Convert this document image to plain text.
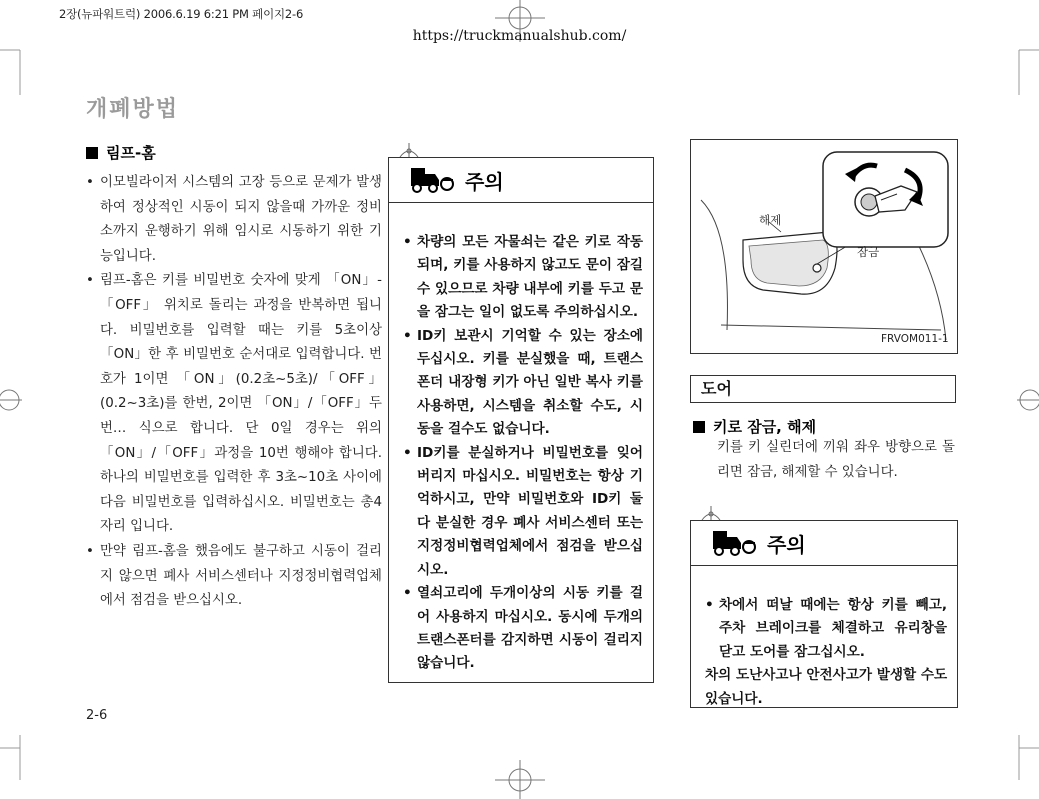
2장(뉴파워트럭) 2006.6.19 6:21 PM 페이지2-6
https://truckmanualshub.com/
개폐방법
림프-홈
• 이모빌라이저 시스템의 고장 등으로 문제가 발생하여 정상적인 시동이 되지 않을때 가까운 정비소까지 운행하기 위해 임시로 시동하기 위한 기능입니다.
• 림프-홈은 키를 비밀번호 숫자에 맞게 「ON」-「OFF」 위치로 돌리는 과정을 반복하면 됩니다. 비밀번호를 입력할 때는 키를 5초이상 「ON」한 후 비밀번호 순서대로 입력합니다. 번호가 1이면 「ON」(0.2초~5초)/「OFF」(0.2~3초)를 한번, 2이면 「ON」/「OFF」두번… 식으로 합니다. 단 0일 경우는 위의 「ON」/「OFF」과정을 10번 행해야 합니다. 하나의 비밀번호를 입력한 후 3초~10초 사이에 다음 비밀번호를 입력하십시오. 비밀번호는 총4자리 입니다.
• 만약 림프-홈을 했음에도 불구하고 시동이 걸리지 않으면 폐사 서비스센터나 지정정비협력업체에서 점검을 받으십시오.
2-6
주의
• 차량의 모든 자물쇠는 같은 키로 작동되며, 키를 사용하지 않고도 문이 잠길 수 있으므로 차량 내부에 키를 두고 문을 잠그는 일이 없도록 주의하십시오.
• ID키 보관시 기억할 수 있는 장소에 두십시오. 키를 분실했을 때, 트랜스폰더 내장형 키가 아닌 일반 복사 키를 사용하면, 시스템을 취소할 수도, 시동을 걸수도 없습니다.
• ID키를 분실하거나 비밀번호를 잊어버리지 마십시오. 비밀번호는 항상 기억하시고, 만약 비밀번호와 ID키 둘 다 분실한 경우 폐사 서비스센터 또는 지정정비협력업체에서 점검을 받으십시오.
• 열쇠고리에 두개이상의 시동 키를 걸어 사용하지 마십시오. 동시에 두개의 트랜스폰터를 감지하면 시동이 걸리지 않습니다.
해제
잠금
FRVOM011-1
도어
키로 잠금, 해제
키를 키 실린더에 끼워 좌우 방향으로 돌리면 잠금, 해제할 수 있습니다.
주의
• 차에서 떠날 때에는 항상 키를 빼고, 주차 브레이크를 체결하고 유리창을 닫고 도어를 잠그십시오.
차의 도난사고나 안전사고가 발생할 수도 있습니다.
